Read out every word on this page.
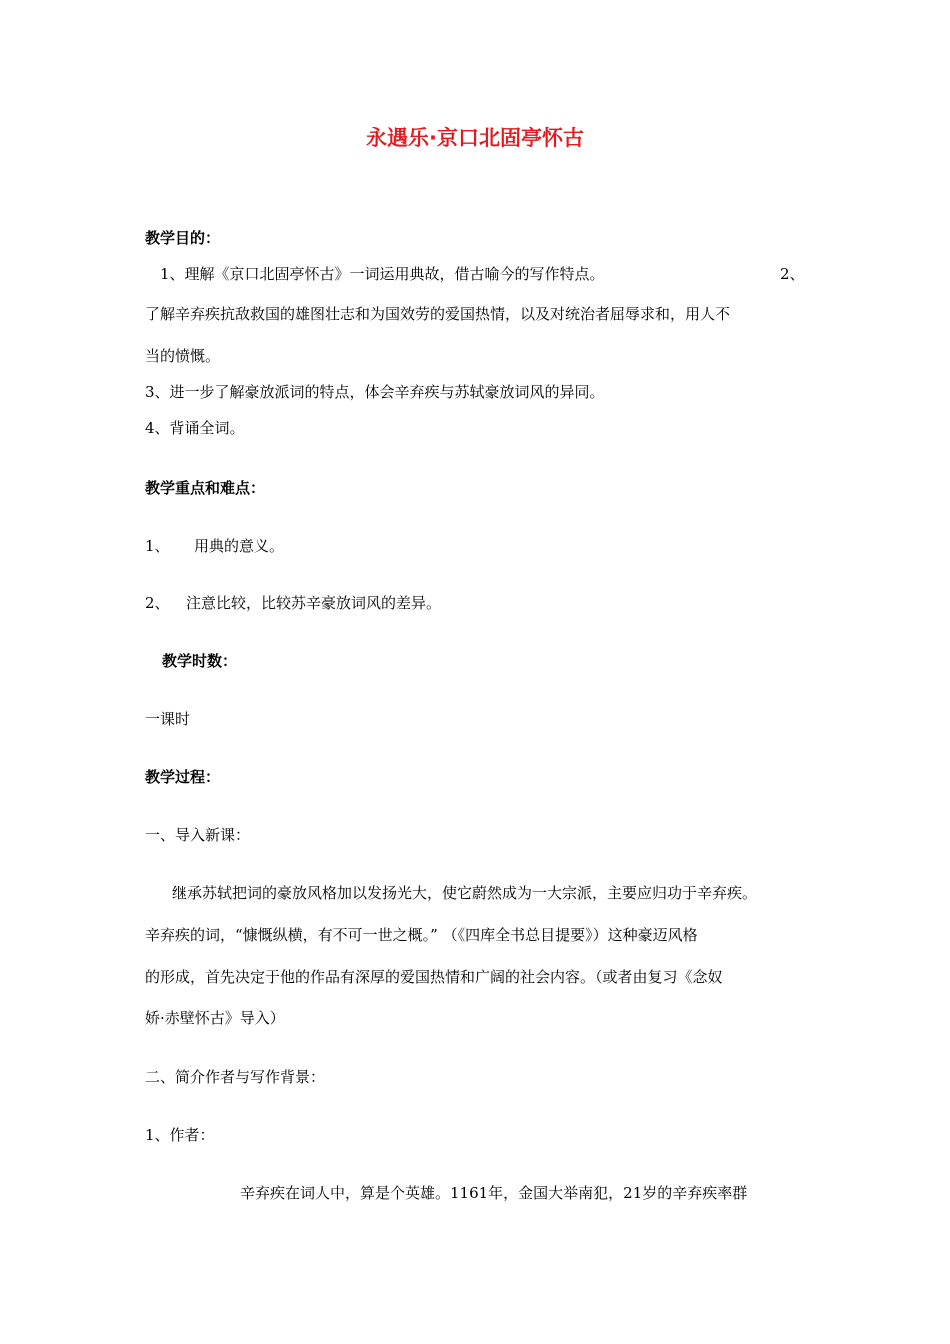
永遇乐·京口北固亭怀古
教学目的：
1、理解《京口北固亭怀古》一词运用典故，借古喻今的写作特点。	2、
了解辛弃疾抗敌救国的雄图壮志和为国效劳的爱国热情，以及对统治者屈辱求和，用人不
当的愤慨。
3、进一步了解豪放派词的特点，体会辛弃疾与苏轼豪放词风的异同。
4、背诵全词。
教学重点和难点：
1、 用典的意义。
2、 注意比较，比较苏辛豪放词风的差异。
教学时数：
一课时
教学过程：
一、导入新课：
继承苏轼把词的豪放风格加以发扬光大，使它蔚然成为一大宗派，主要应归功于辛弃疾。
辛弃疾的词，“慷慨纵横，有不可一世之概。” （《四库全书总目提要》）这种豪迈风格
的形成，首先决定于他的作品有深厚的爱国热情和广阔的社会内容。（或者由复习《念奴
娇·赤壁怀古》导入）
二、简介作者与写作背景：
1、作者：
辛弃疾在词人中，算是个英雄。1161年，金国大举南犯，21岁的辛弃疾率群
